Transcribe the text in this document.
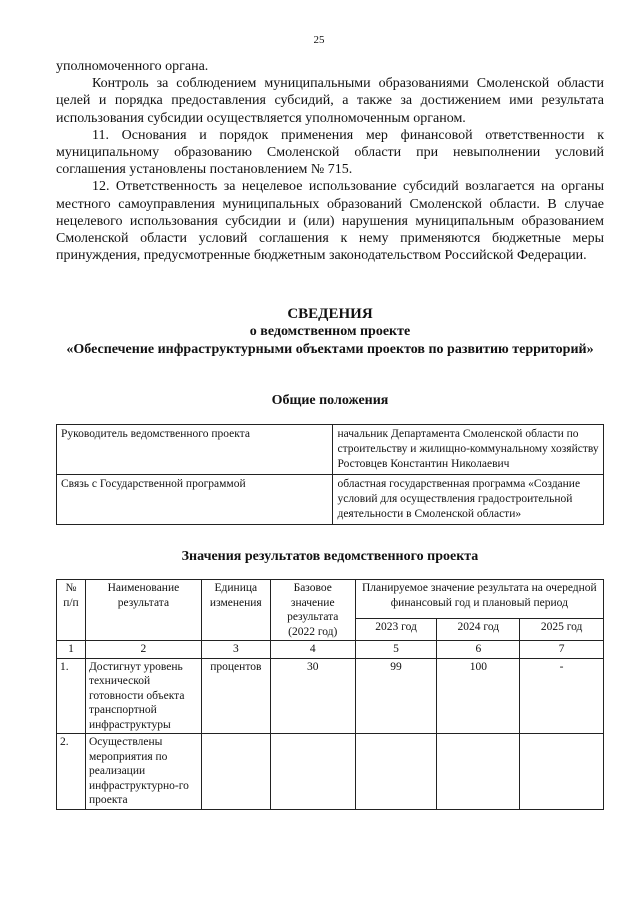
25

уполномоченного органа.

Контроль за соблюдением муниципальными образованиями Смоленской области целей и порядка предоставления субсидий, а также за достижением ими результата использования субсидии осуществляется уполномоченным органом.

11. Основания и порядок применения мер финансовой ответственности к муниципальному образованию Смоленской области при невыполнении условий соглашения установлены постановлением № 715.

12. Ответственность за нецелевое использование субсидий возлагается на органы местного самоуправления муниципальных образований Смоленской области. В случае нецелевого использования субсидии и (или) нарушения муниципальным образованием Смоленской области условий соглашения к нему применяются бюджетные меры принуждения, предусмотренные бюджетным законодательством Российской Федерации.

СВЕДЕНИЯ
о ведомственном проекте
«Обеспечение инфраструктурными объектами проектов по развитию территорий»
Общие положения
Руководитель ведомственного проекта	начальник Департамента Смоленской области по строительству и жилищно-коммунальному хозяйству Ростовцев Константин Николаевич
Связь с Государственной программой	областная государственная программа «Создание условий для осуществления градостроительной деятельности в Смоленской области»
Значения результатов ведомственного проекта
№ п/п	Наименование результата	Единица изменения	Базовое значение результата (2022 год)	Планируемое значение результата на очередной финансовый год и плановый период		
				2023 год	2024 год	2025 год
1	2	3	4	5	6	7
1.	Достигнут уровень технической готовности объекта транспортной инфраструктуры	процентов	30	99	100	-
2.	Осуществлены мероприятия по реализации инфраструктурно-го проекта					
